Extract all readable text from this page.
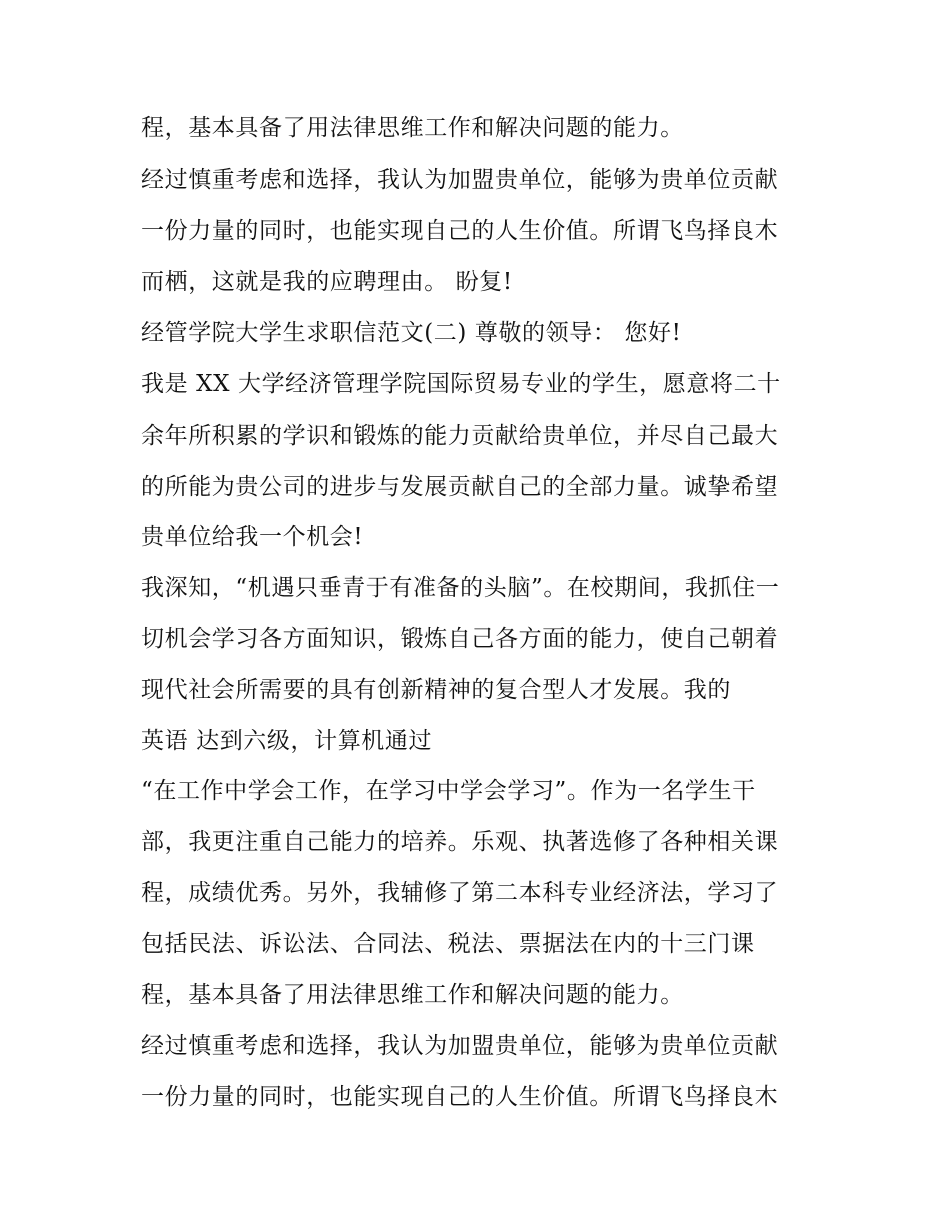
程，基本具备了用法律思维工作和解决问题的能力。

经过慎重考虑和选择，我认为加盟贵单位，能够为贵单位贡献

一份力量的同时，也能实现自己的人生价值。所谓飞鸟择良木

而栖，这就是我的应聘理由。 盼复!

经管学院大学生求职信范文(二) 尊敬的领导： 您好!

我是 XX 大学经济管理学院国际贸易专业的学生，愿意将二十

余年所积累的学识和锻炼的能力贡献给贵单位，并尽自己最大

的所能为贵公司的进步与发展贡献自己的全部力量。诚挚希望

贵单位给我一个机会!

我深知，“机遇只垂青于有准备的头脑”。在校期间，我抓住一

切机会学习各方面知识，锻炼自己各方面的能力，使自己朝着

现代社会所需要的具有创新精神的复合型人才发展。我的

英语 达到六级，计算机通过

“在工作中学会工作，在学习中学会学习”。作为一名学生干

部，我更注重自己能力的培养。乐观、执著选修了各种相关课

程，成绩优秀。另外，我辅修了第二本科专业经济法，学习了

包括民法、诉讼法、合同法、税法、票据法在内的十三门课

程，基本具备了用法律思维工作和解决问题的能力。

经过慎重考虑和选择，我认为加盟贵单位，能够为贵单位贡献

一份力量的同时，也能实现自己的人生价值。所谓飞鸟择良木
